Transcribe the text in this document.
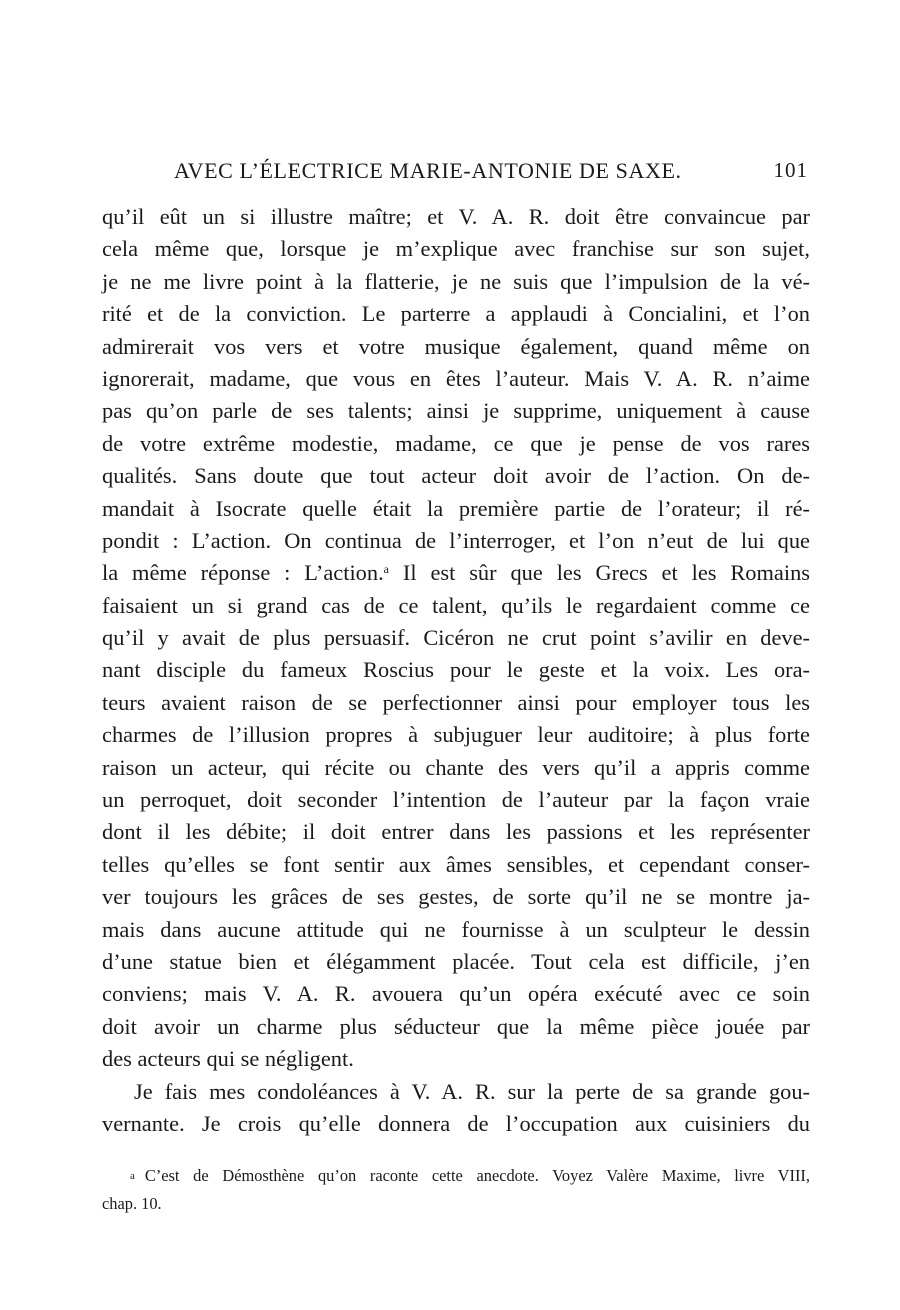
AVEC L’ÉLECTRICE MARIE-ANTONIE DE SAXE.	101
qu’il eût un si illustre maître; et V. A. R. doit être convaincue par
cela même que, lorsque je m’explique avec franchise sur son sujet,
je ne me livre point à la flatterie, je ne suis que l’impulsion de la vé-
rité et de la conviction. Le parterre a applaudi à Concialini, et l’on
admirerait vos vers et votre musique également, quand même on
ignorerait, madame, que vous en êtes l’auteur. Mais V. A. R. n’aime
pas qu’on parle de ses talents; ainsi je supprime, uniquement à cause
de votre extrême modestie, madame, ce que je pense de vos rares
qualités. Sans doute que tout acteur doit avoir de l’action. On de-
mandait à Isocrate quelle était la première partie de l’orateur; il ré-
pondit : L’action. On continua de l’interroger, et l’on n’eut de lui que
la même réponse : L’action.$^a$ Il est sûr que les Grecs et les Romains
faisaient un si grand cas de ce talent, qu’ils le regardaient comme ce
qu’il y avait de plus persuasif. Cicéron ne crut point s’avilir en deve-
nant disciple du fameux Roscius pour le geste et la voix. Les ora-
teurs avaient raison de se perfectionner ainsi pour employer tous les
charmes de l’illusion propres à subjuguer leur auditoire; à plus forte
raison un acteur, qui récite ou chante des vers qu’il a appris comme
un perroquet, doit seconder l’intention de l’auteur par la façon vraie
dont il les débite; il doit entrer dans les passions et les représenter
telles qu’elles se font sentir aux âmes sensibles, et cependant conser-
ver toujours les grâces de ses gestes, de sorte qu’il ne se montre ja-
mais dans aucune attitude qui ne fournisse à un sculpteur le dessin
d’une statue bien et élégamment placée. Tout cela est difficile, j’en
conviens; mais V. A. R. avouera qu’un opéra exécuté avec ce soin
doit avoir un charme plus séducteur que la même pièce jouée par
des acteurs qui se négligent.
Je fais mes condoléances à V. A. R. sur la perte de sa grande gou-
vernante. Je crois qu’elle donnera de l’occupation aux cuisiniers du
a C’est de Démosthène qu’on raconte cette anecdote. Voyez Valère Maxime, livre VIII,
chap. 10.
